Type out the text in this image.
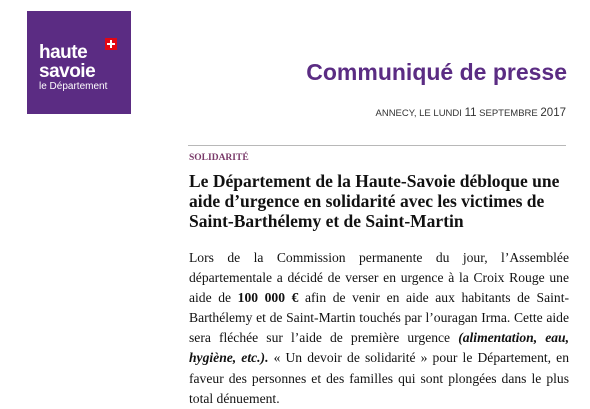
haute
savoie
le Département
Communiqué de presse
ANNECY, LE LUNDI 11 SEPTEMBRE 2017
SOLIDARITÉ
Le Département de la Haute-Savoie débloque une aide d’urgence en solidarité avec les victimes de Saint-Barthélemy et de Saint-Martin

Lors de la Commission permanente du jour, l’Assemblée départementale a décidé de verser en urgence à la Croix Rouge une aide de 100 000 € afin de venir en aide aux habitants de Saint-Barthélemy et de Saint-Martin touchés par l’ouragan Irma. Cette aide sera fléchée sur l’aide de première urgence (alimentation, eau, hygiène, etc.). « Un devoir de solidarité » pour le Département, en faveur des personnes et des familles qui sont plongées dans le plus total dénuement.
